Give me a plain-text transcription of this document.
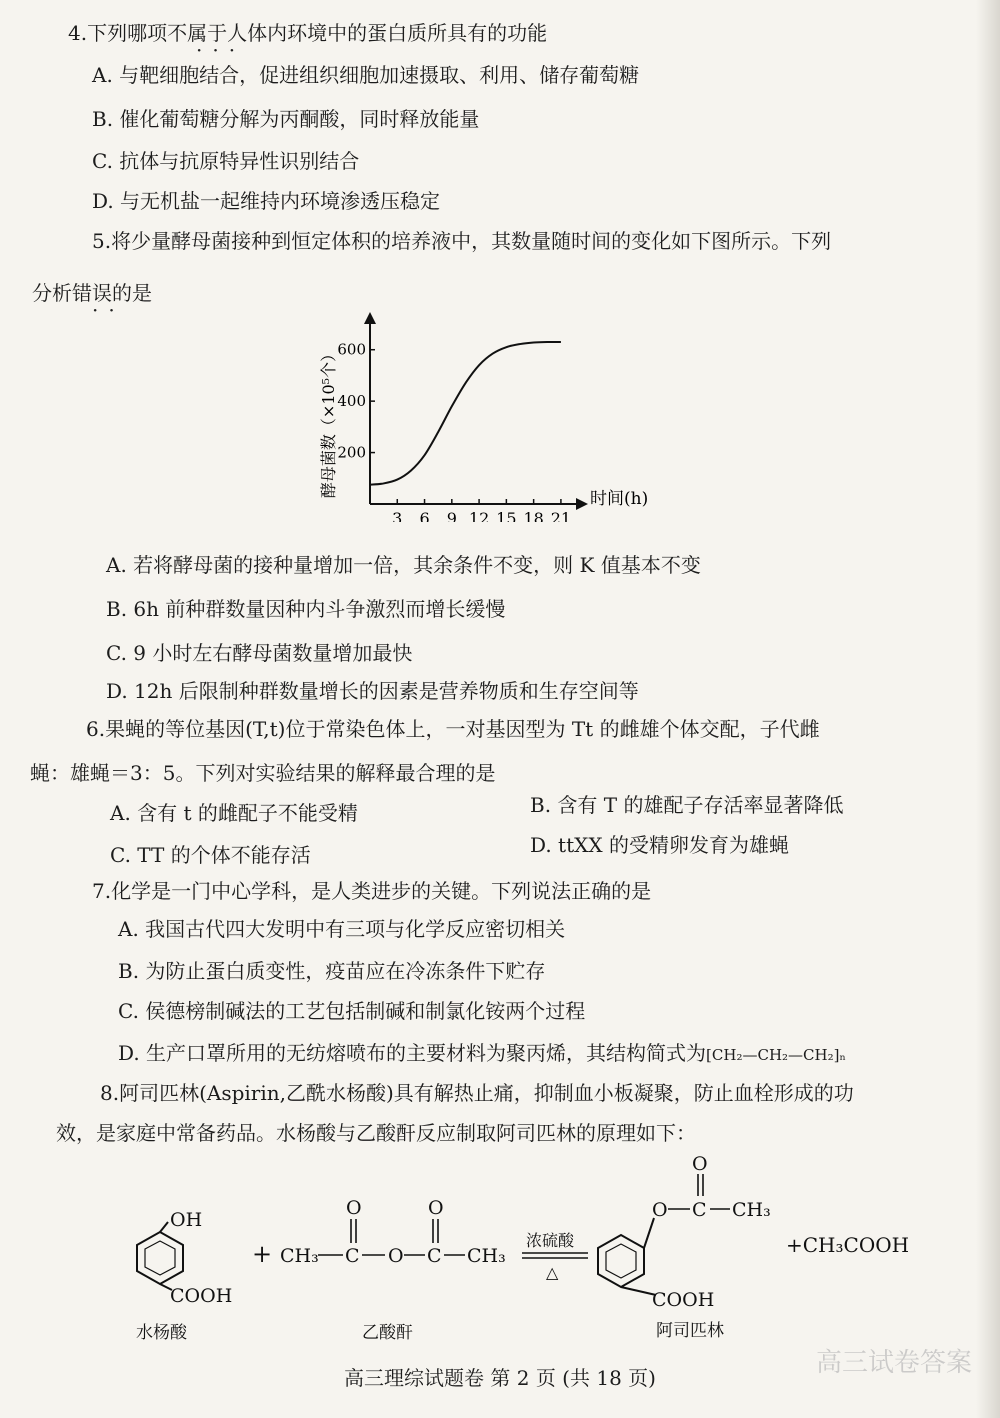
4.下列哪项不属于人体内环境中的蛋白质所具有的功能
···
A. 与靶细胞结合，促进组织细胞加速摄取、利用、储存葡萄糖
B. 催化葡萄糖分解为丙酮酸，同时释放能量
C. 抗体与抗原特异性识别结合
D. 与无机盐一起维持内环境渗透压稳定
5.将少量酵母菌接种到恒定体积的培养液中，其数量随时间的变化如下图所示。下列
分析错误的是
··
3 6 9 12 15 18 21
200
400
600
酵母菌数（×10⁵个）
时间(h)
A. 若将酵母菌的接种量增加一倍，其余条件不变，则 K 值基本不变
B. 6h 前种群数量因种内斗争激烈而增长缓慢
C. 9 小时左右酵母菌数量增加最快
D. 12h 后限制种群数量增长的因素是营养物质和生存空间等
6.果蝇的等位基因(T,t)位于常染色体上，一对基因型为 Tt 的雌雄个体交配，子代雌
蝇：雄蝇＝3：5。下列对实验结果的解释最合理的是
A. 含有 t 的雌配子不能受精	B. 含有 T 的雄配子存活率显著降低
C. TT 的个体不能存活	D. ttXX 的受精卵发育为雄蝇
7.化学是一门中心学科，是人类进步的关键。下列说法正确的是
A. 我国古代四大发明中有三项与化学反应密切相关
B. 为防止蛋白质变性，疫苗应在冷冻条件下贮存
C. 侯德榜制碱法的工艺包括制碱和制氯化铵两个过程
D. 生产口罩所用的无纺熔喷布的主要材料为聚丙烯，其结构简式为[CH₂—CH₂—CH₂]ₙ
8.阿司匹林(Aspirin,乙酰水杨酸)具有解热止痛，抑制血小板凝聚，防止血栓形成的功
效，是家庭中常备药品。水杨酸与乙酸酐反应制取阿司匹林的原理如下：
OH
COOH
水杨酸
+ CH₃ C
O
O C
O
CH₃
乙酸酐
浓硫酸
△
O C
O
CH₃
COOH
阿司匹林
+CH₃COOH
高三理综试题卷 第 2 页 (共 18 页)	高三试卷答案
